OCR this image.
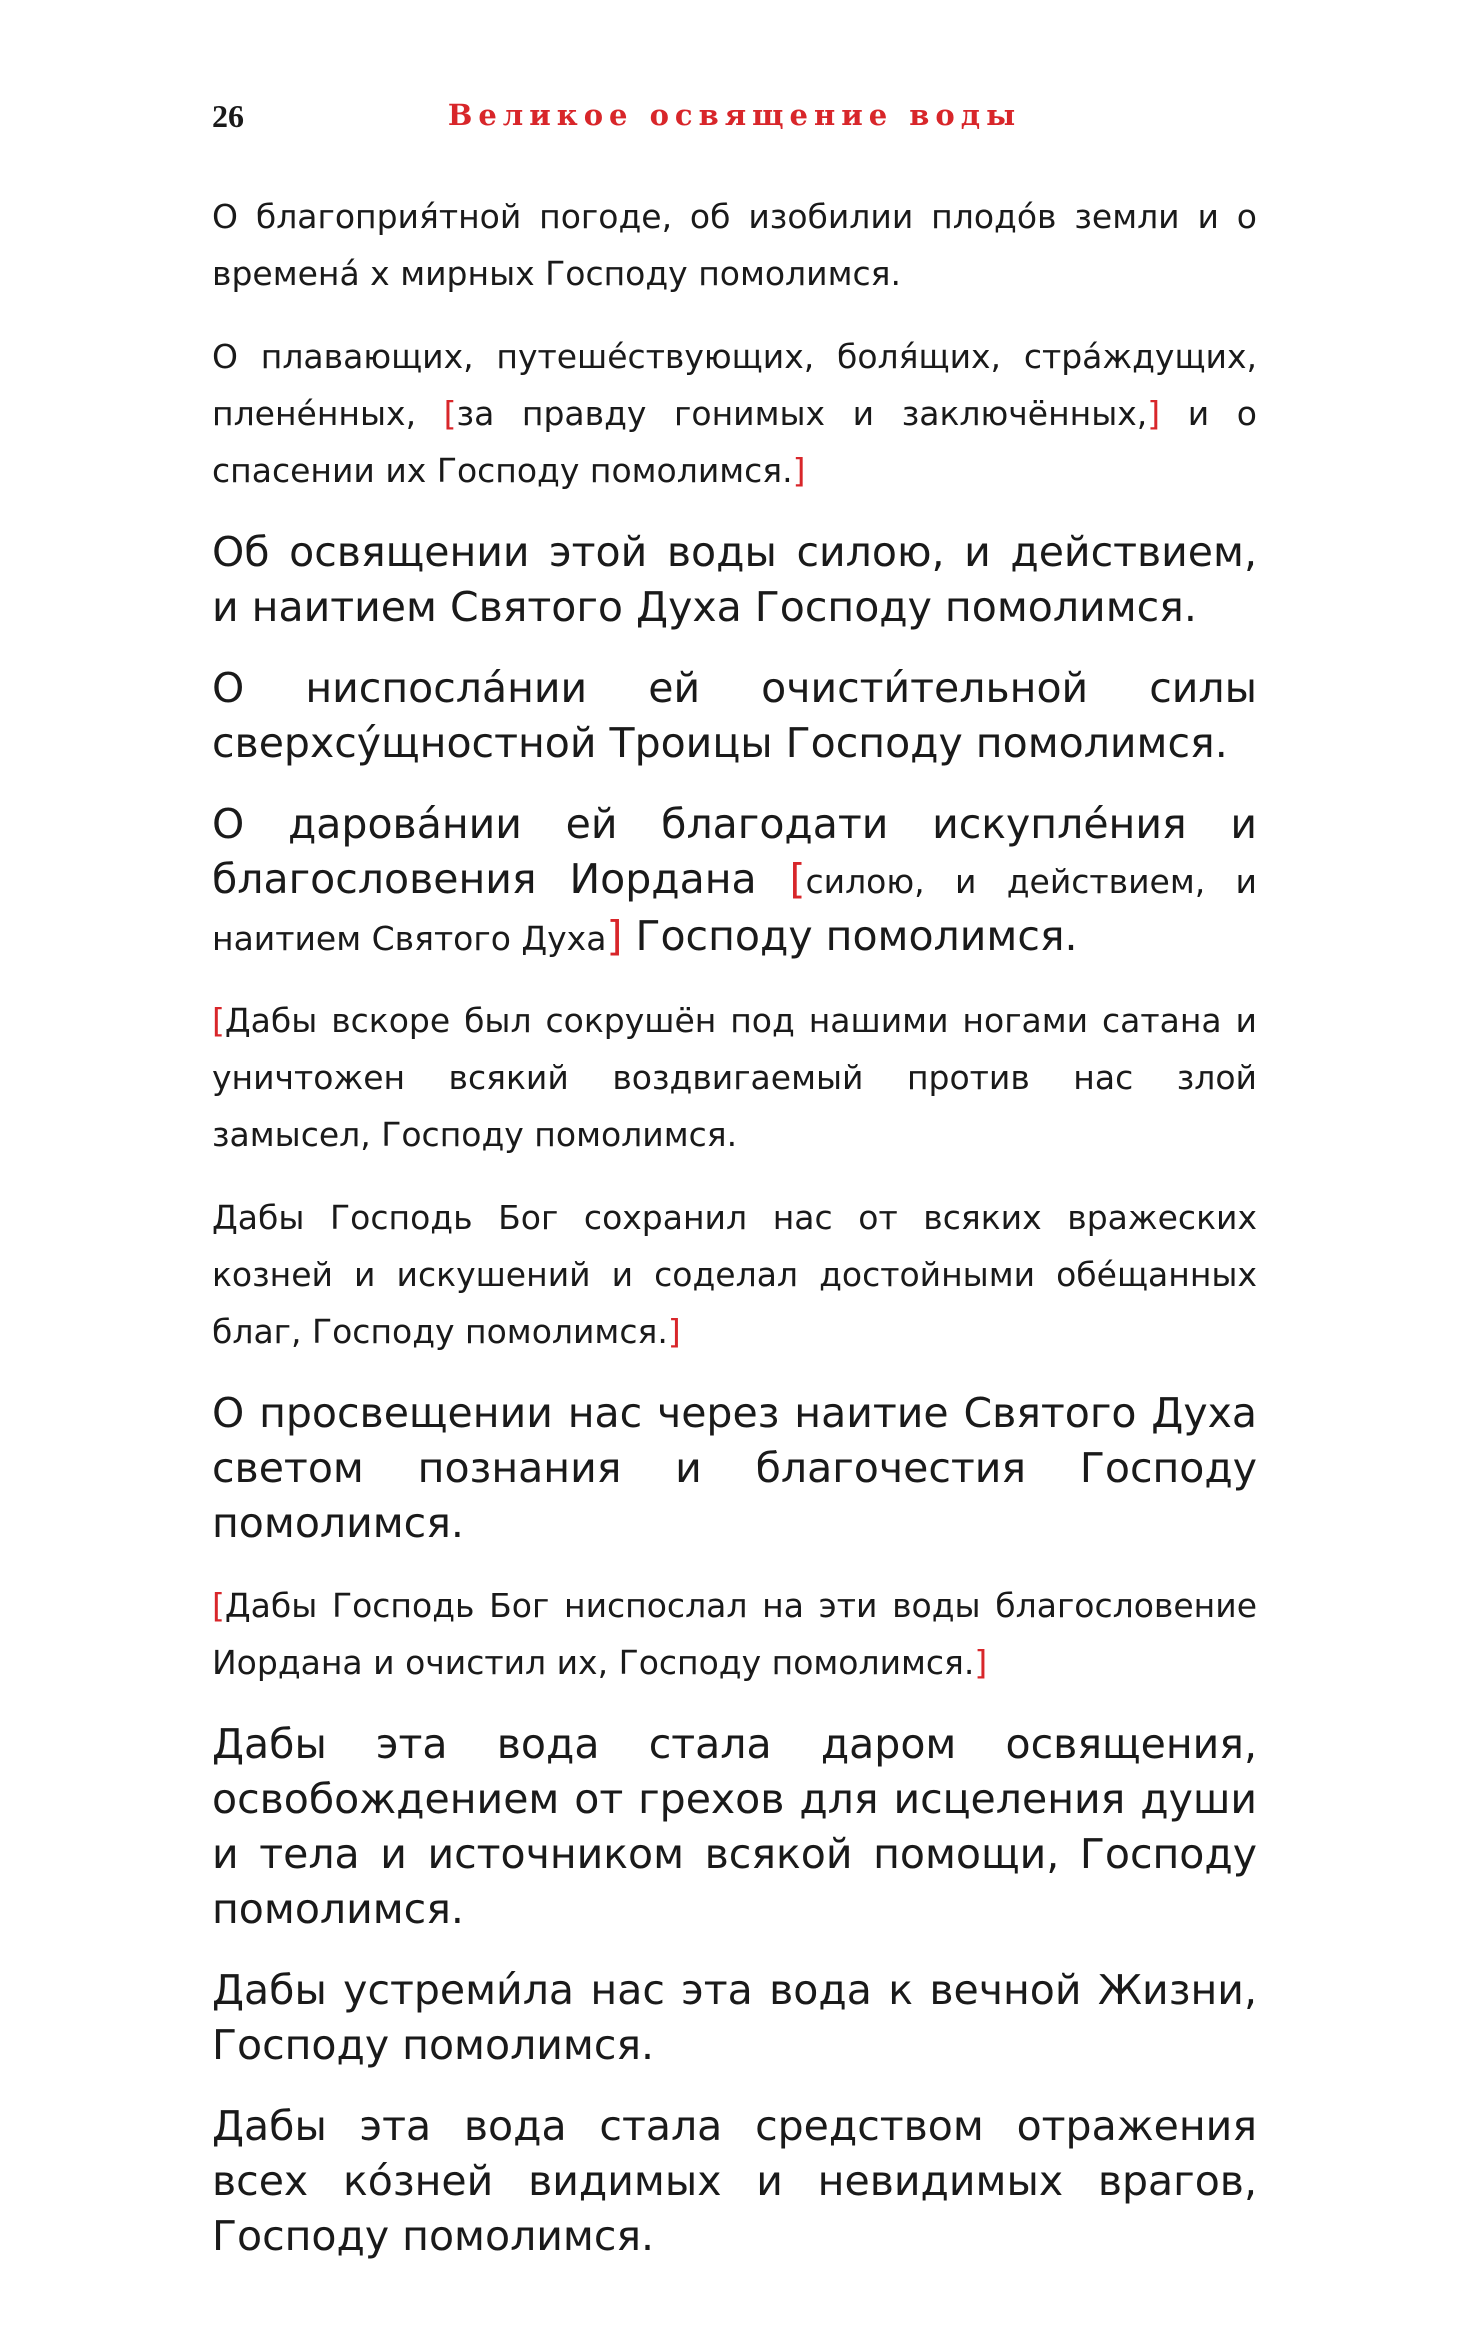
26	Великое освящение воды

О благоприя́тной погоде, об изобилии плодо́в земли и о временá х мирных Господу помолимся.

О плавающих, путеше́ствующих, боля́щих, стра́ждущих, плене́нных, [за правду гонимых и заключённых,] и о спасении их Господу помолимся.]

Об освящении этой воды силою, и действием, и наитием Святого Духа Господу помолимся.

О ниспосла́нии ей очисти́тельной силы сверхсу́щностной Троицы Господу помолимся.

О дарова́нии ей благодати искупле́ния и благословения Иордана [силою, и действием, и наитием Святого Духа] Господу помолимся.

[Дабы вскоре был сокрушён под нашими ногами сатана и уничтожен всякий воздвигаемый против нас злой замысел, Господу помолимся.

Дабы Господь Бог сохранил нас от всяких вражеских козней и искушений и соделал достойными обе́щанных благ, Господу помолимся.]

О просвещении нас через наитие Святого Духа светом познания и благочестия Господу помолимся.

[Дабы Господь Бог ниспослал на эти воды благословение Иордана и очистил их, Господу помолимся.]

Дабы эта вода стала даром освящения, освобождением от грехов для исцеления души и тела и источником всякой помощи, Господу помолимся.

Дабы устреми́ла нас эта вода к вечной Жизни, Господу помолимся.

Дабы эта вода стала средством отражения всех ко́зней видимых и невидимых врагов, Господу помолимся.
